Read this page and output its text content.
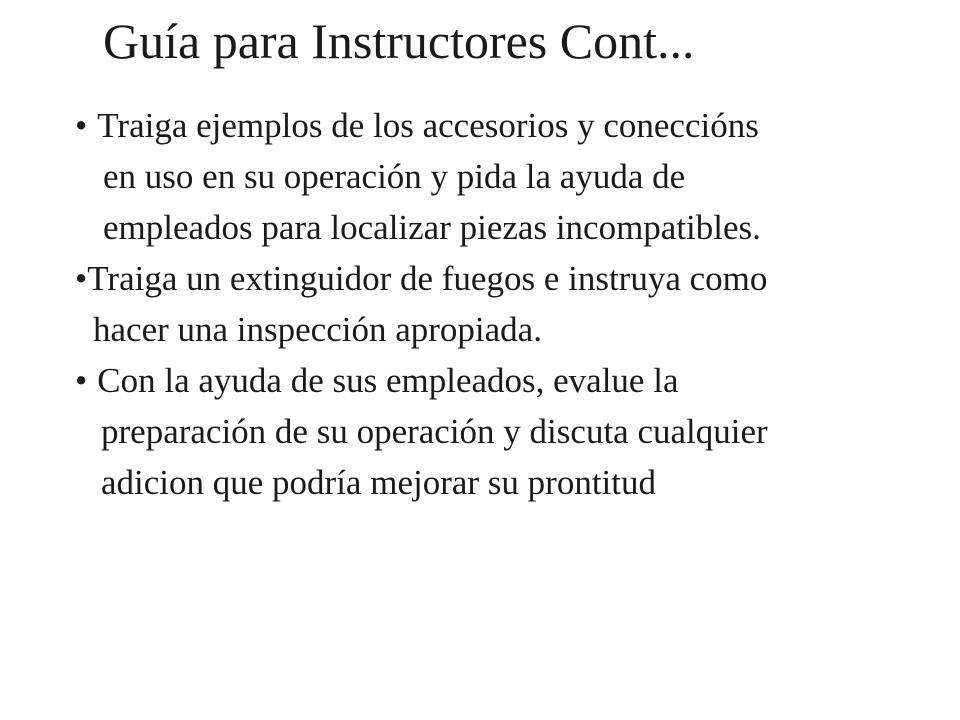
Guía para Instructores Cont...
• Traiga ejemplos de los accesorios y coneccións
en uso en su operación y pida la ayuda de
empleados para localizar piezas incompatibles.
•Traiga un extinguidor de fuegos e instruya como
hacer una inspección apropiada.
• Con la ayuda de sus empleados, evalue la
preparación de su operación y discuta cualquier
adicion que podría mejorar su prontitud
